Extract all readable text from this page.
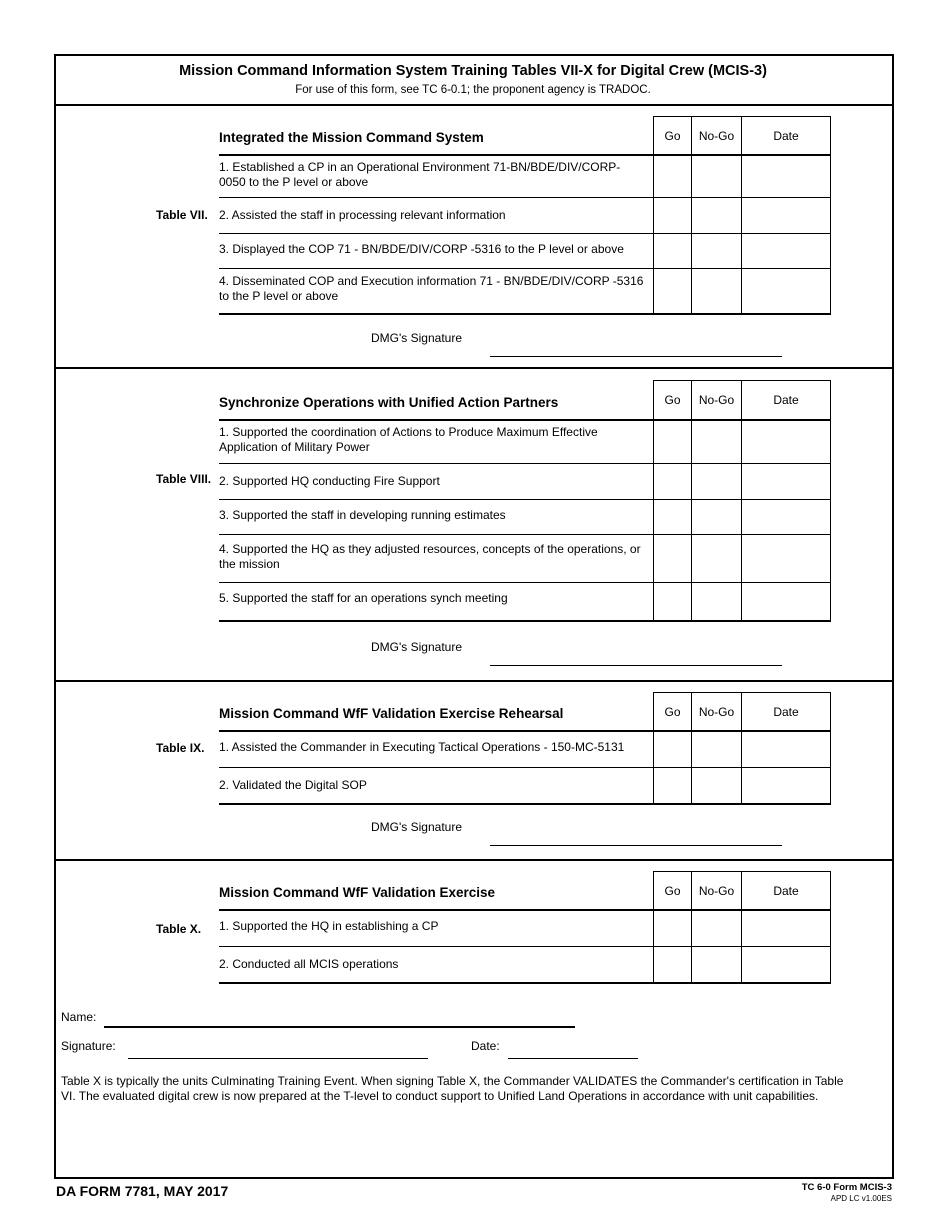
Mission Command Information System Training Tables VII-X for Digital Crew (MCIS-3)
For use of this form, see TC 6-0.1; the proponent agency is TRADOC.
Table VII.
Integrated the Mission Command System	Go	No-Go	Date
1. Established a CP in an Operational Environment 71-BN/BDE/DIV/CORP- 0050 to the P level or above
2. Assisted the staff in processing relevant information
3. Displayed the COP 71 - BN/BDE/DIV/CORP -5316 to the P level or above
4. Disseminated COP and Execution information 71 - BN/BDE/DIV/CORP -5316 to the P level or above
DMG's Signature
Table VIII.
Synchronize Operations with Unified Action Partners	Go	No-Go	Date
1. Supported the coordination of Actions to Produce Maximum Effective Application of Military Power
2. Supported HQ conducting Fire Support
3. Supported the staff in developing running estimates
4. Supported the HQ as they adjusted resources, concepts of the operations, or the mission
5. Supported the staff for an operations synch meeting
DMG's Signature
Table IX.
Mission Command WfF Validation Exercise Rehearsal	Go	No-Go	Date
1. Assisted the Commander in Executing Tactical Operations - 150-MC-5131
2. Validated the Digital SOP
DMG's Signature
Table X.
Mission Command WfF Validation Exercise	Go	No-Go	Date
1. Supported the HQ in establishing a CP
2. Conducted all MCIS operations
Name:
Signature:	Date:
Table X is typically the units Culminating Training Event. When signing Table X, the Commander VALIDATES the Commander's certification in Table VI. The evaluated digital crew is now prepared at the T-level to conduct support to Unified Land Operations in accordance with unit capabilities.
DA FORM 7781, MAY 2017	TC 6-0 Form MCIS-3
APD LC v1.00ES
